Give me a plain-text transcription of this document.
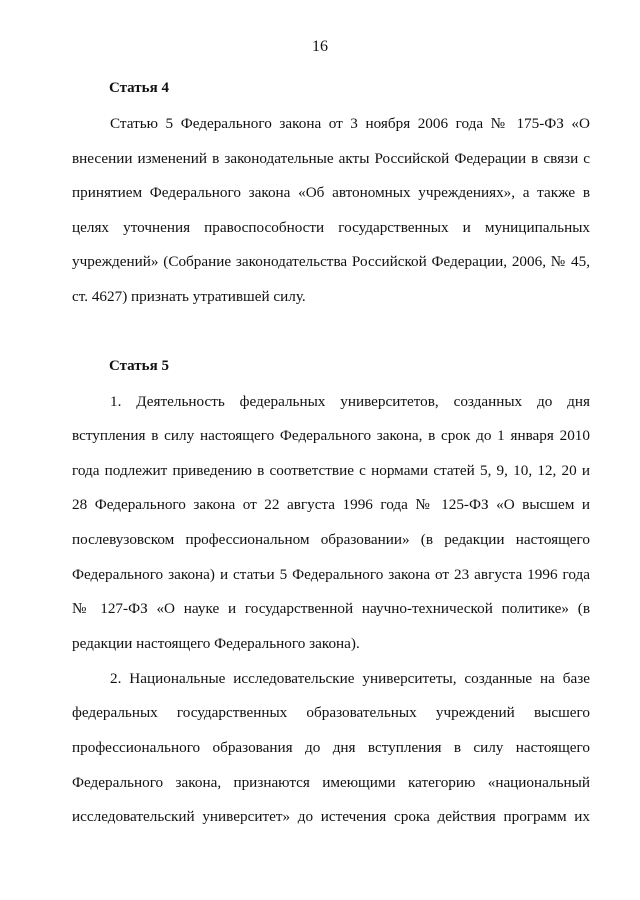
16
Статья 4
Статью 5 Федерального закона от 3 ноября 2006 года № 175-ФЗ «О
внесении изменений в законодательные акты Российской Федерации в связи с
принятием Федерального закона «Об автономных учреждениях», а также в
целях уточнения правоспособности государственных и муниципальных
учреждений» (Собрание законодательства Российской Федерации, 2006, № 45,
ст. 4627) признать утратившей силу.
Статья 5
1. Деятельность федеральных университетов, созданных до дня
вступления в силу настоящего Федерального закона, в срок до 1 января 2010
года подлежит приведению в соответствие с нормами статей 5, 9, 10, 12, 20 и
28 Федерального закона от 22 августа 1996 года № 125-ФЗ «О высшем и
послевузовском профессиональном образовании» (в редакции настоящего
Федерального закона) и статьи 5 Федерального закона от 23 августа 1996 года
№ 127-ФЗ «О науке и государственной научно-технической политике» (в
редакции настоящего Федерального закона).
2. Национальные исследовательские университеты, созданные на базе
федеральных государственных образовательных учреждений высшего
профессионального образования до дня вступления в силу настоящего
Федерального закона, признаются имеющими категорию «национальный
исследовательский университет» до истечения срока действия программ их
